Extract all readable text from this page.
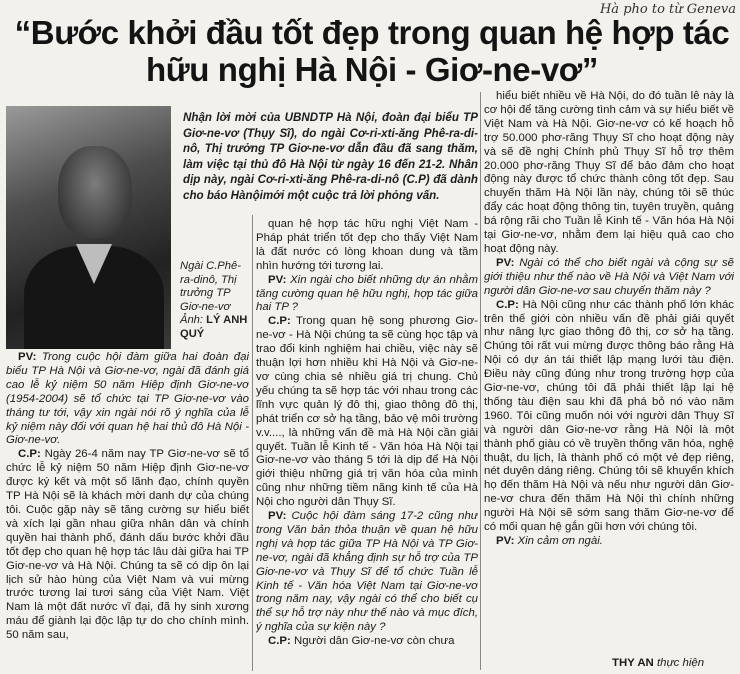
Hà pho to từ Geneva
“Bước khởi đầu tốt đẹp trong quan hệ hợp tác hữu nghị Hà Nội - Giơ-ne-vơ”

Nhận lời mời của UBNDTP Hà Nội, đoàn đại biểu TP Giơ-ne-vơ (Thụy Sĩ), do ngài Cơ-ri-xti-ăng Phê-ra-di-nô, Thị trưởng TP Giơ-ne-vơ dẫn đầu đã sang thăm, làm việc tại thủ đô Hà Nội từ ngày 16 đến 21-2. Nhân dịp này, ngài Cơ-ri-xti-ăng Phê-ra-di-nô (C.P) đã dành cho báo Hànộimới một cuộc trả lời phỏng vấn.

Ngài C.Phê-ra-dinô, Thị trưởng TP Giơ-ne-vơ Ảnh: LÝ ANH QUÝ

PV: Trong cuộc hội đàm giữa hai đoàn đại biểu TP Hà Nội và Giơ-ne-vơ, ngài đã đánh giá cao lễ kỷ niệm 50 năm Hiệp định Giơ-ne-vơ (1954-2004) sẽ tổ chức tại TP Giơ-ne-vơ vào tháng tư tới, vậy xin ngài nói rõ ý nghĩa của lễ kỷ niệm này đối với quan hệ hai thủ đô Hà Nội - Giơ-ne-vơ.

C.P: Ngày 26-4 năm nay TP Giơ-ne-vơ sẽ tổ chức lễ kỷ niệm 50 năm Hiệp định Giơ-ne-vơ được ký kết và một số lãnh đạo, chính quyền TP Hà Nội sẽ là khách mời danh dự của chúng tôi. Cuộc gặp này sẽ tăng cường sự hiểu biết và xích lại gần nhau giữa nhân dân và chính quyền hai thành phố, đánh dấu bước khởi đầu tốt đẹp cho quan hệ hợp tác lâu dài giữa hai TP Giơ-ne-vơ và Hà Nội. Chúng ta sẽ có dịp ôn lại lịch sử hào hùng của Việt Nam và vui mừng trước tương lai tươi sáng của Việt Nam. Việt Nam là một đất nước vĩ đại, đã hy sinh xương máu để giành lại độc lập tự do cho chính mình. 50 năm sau,

quan hệ hợp tác hữu nghị Việt Nam - Pháp phát triển tốt đẹp cho thấy Việt Nam là đất nước có lòng khoan dung và tầm nhìn hướng tới tương lai.

PV: Xin ngài cho biết những dự án nhằm tăng cường quan hệ hữu nghị, hợp tác giữa hai TP ?

C.P: Trong quan hệ song phương Giơ-ne-vơ - Hà Nội chúng ta sẽ cùng học tập và trao đổi kinh nghiệm hai chiều, việc này sẽ thuận lợi hơn nhiều khi Hà Nội và Giơ-ne-vơ cùng chia sẻ nhiều giá trị chung. Chủ yếu chúng ta sẽ hợp tác với nhau trong các lĩnh vực quản lý đô thị, giao thông đô thị, phát triển cơ sở hạ tầng, bảo vệ môi trường v.v...., là những vấn đề mà Hà Nội cần giải quyết. Tuần lễ Kinh tế - Văn hóa Hà Nội tại Giơ-ne-vơ vào tháng 5 tới là dịp để Hà Nội giới thiệu những giá trị văn hóa của mình cũng như những tiềm năng kinh tế của Hà Nội cho người dân Thụy Sĩ.

PV: Cuộc hội đàm sáng 17-2 cũng như trong Văn bản thỏa thuận về quan hệ hữu nghị và hợp tác giữa TP Hà Nội và TP Giơ-ne-vơ, ngài đã khẳng định sự hỗ trợ của TP Giơ-ne-vơ và Thụy Sĩ để tổ chức Tuần lễ Kinh tế - Văn hóa Việt Nam tại Giơ-ne-vơ trong năm nay, vậy ngài có thể cho biết cụ thể sự hỗ trợ này như thế nào và mục đích, ý nghĩa của sự kiện này ?

C.P: Người dân Giơ-ne-vơ còn chưa

hiểu biết nhiều về Hà Nội, do đó tuần lễ này là cơ hội để tăng cường tình cảm và sự hiểu biết về Việt Nam và Hà Nội. Giơ-ne-vơ có kế hoạch hỗ trợ 50.000 phơ-răng Thụy Sĩ cho hoạt động này và sẽ đề nghị Chính phủ Thụy Sĩ hỗ trợ thêm 20.000 phơ-răng Thụy Sĩ để bảo đảm cho hoạt động này được tổ chức thành công tốt đẹp. Sau chuyến thăm Hà Nội lần này, chúng tôi sẽ thúc đẩy các hoạt động thông tin, tuyên truyền, quảng bá rộng rãi cho Tuần lễ Kinh tế - Văn hóa Hà Nội tại Giơ-ne-vơ, nhằm đem lại hiệu quả cao cho hoạt động này.

PV: Ngài có thể cho biết ngài và cộng sự sẽ giới thiệu như thế nào về Hà Nội và Việt Nam với người dân Giơ-ne-vơ sau chuyến thăm này ?

C.P: Hà Nội cũng như các thành phố lớn khác trên thế giới còn nhiều vấn đề phải giải quyết như nâng lực giao thông đô thị, cơ sở hạ tầng. Chúng tôi rất vui mừng được thông báo rằng Hà Nội có dự án tái thiết lập mạng lưới tàu điện. Điều này cũng đúng như trong trường hợp của Giơ-ne-vơ, chúng tôi đã phải thiết lập lại hệ thống tàu điện sau khi đã phá bỏ nó vào năm 1960. Tôi cũng muốn nói với người dân Thụy Sĩ và người dân Giơ-ne-vơ rằng Hà Nội là một thành phố giàu có về truyền thống văn hóa, nghệ thuật, du lịch, là thành phố có một vẻ đẹp riêng, nét duyên dáng riêng. Chúng tôi sẽ khuyến khích họ đến thăm Hà Nội và nếu như người dân Giơ-ne-vơ chưa đến thăm Hà Nội thì chính những người Hà Nội sẽ sớm sang thăm Giơ-ne-vơ để có mối quan hệ gắn gũi hơn với chúng tôi.

PV: Xin cảm ơn ngài.

THY AN thực hiện
